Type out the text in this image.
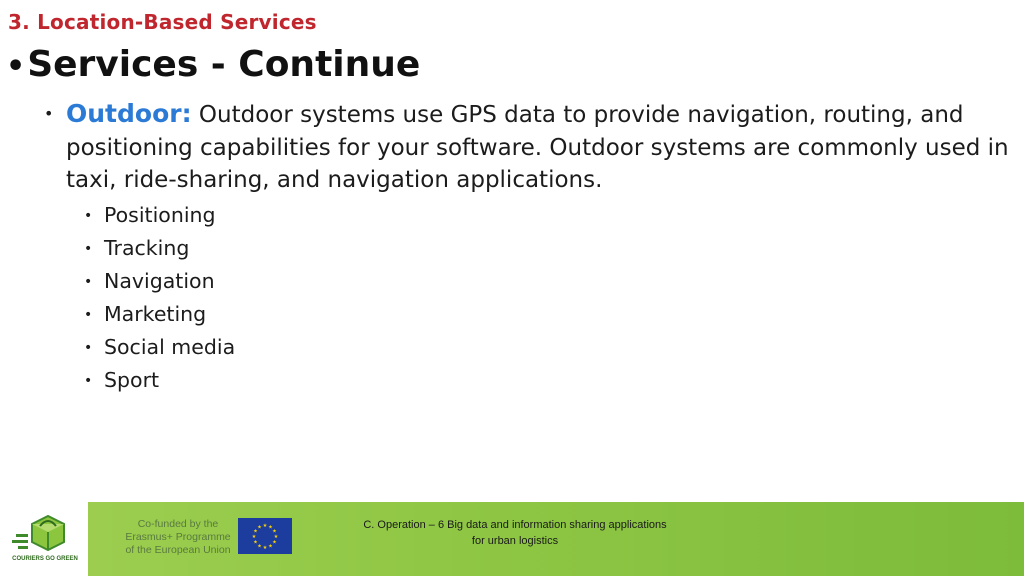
3. Location-Based Services
•Services - Continue
• Outdoor: Outdoor systems use GPS data to provide navigation, routing, and positioning capabilities for your software. Outdoor systems are commonly used in taxi, ride-sharing, and navigation applications.
• Positioning
• Tracking
• Navigation
• Marketing
• Social media
• Sport
COURIERS GO GREEN
Co-funded by the
Erasmus+ Programme
of the European Union
★ ★
★
★
★
★
★
★
★
★
★
★	C. Operation – 6 Big data and information sharing applications
for urban logistics
